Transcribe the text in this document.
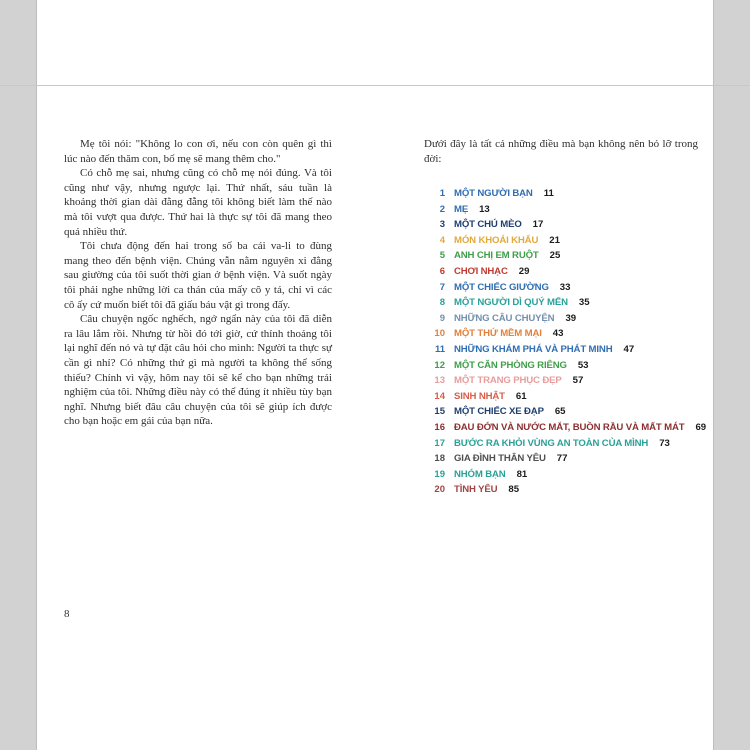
Mẹ tôi nói: "Không lo con ơi, nếu con còn quên gì thì lúc nào đến thăm con, bố mẹ sẽ mang thêm cho."

Có chỗ mẹ sai, nhưng cũng có chỗ mẹ nói đúng. Và tôi cũng như vậy, nhưng ngược lại. Thứ nhất, sáu tuần là khoảng thời gian dài đằng đẵng tôi không biết làm thế nào mà tôi vượt qua được. Thứ hai là thực sự tôi đã mang theo quá nhiều thứ.

Tôi chưa động đến hai trong số ba cái va-li to đùng mang theo đến bệnh viện. Chúng vẫn nằm nguyên xi đằng sau giường của tôi suốt thời gian ở bệnh viện. Và suốt ngày tôi phải nghe những lời ca thán của mấy cô y tá, chỉ vì các cô ấy cứ muốn biết tôi đã giấu báu vật gì trong đấy.

Câu chuyện ngốc nghếch, ngớ ngẩn này của tôi đã diễn ra lâu lắm rồi. Nhưng từ hồi đó tới giờ, cứ thỉnh thoảng tôi lại nghĩ đến nó và tự đặt câu hỏi cho mình: Người ta thực sự cần gì nhỉ? Có những thứ gì mà người ta không thể sống thiếu? Chính vì vậy, hôm nay tôi sẽ kể cho bạn những trải nghiệm của tôi. Những điều này có thể đúng ít nhiều tùy bạn nghĩ. Nhưng biết đâu câu chuyện của tôi sẽ giúp ích được cho bạn hoặc em gái của bạn nữa.

8

Dưới đây là tất cả những điều mà bạn không nên bỏ lỡ trong đời:

1 MỘT NGƯỜI BẠN 11
2 MẸ 13
3 MỘT CHÚ MÈO 17
4 MÓN KHOÁI KHẨU 21
5 ANH CHỊ EM RUỘT 25
6 CHƠI NHẠC 29
7 MỘT CHIẾC GIƯỜNG 33
8 MỘT NGƯỜI DÌ QUÝ MẾN 35
9 NHỮNG CÂU CHUYỆN 39
10 MỘT THỨ MỀM MẠI 43
11 NHỮNG KHÁM PHÁ VÀ PHÁT MINH 47
12 MỘT CĂN PHÒNG RIÊNG 53
13 MỘT TRANG PHỤC ĐẸP 57
14 SINH NHẬT 61
15 MỘT CHIẾC XE ĐẠP 65
16 ĐAU ĐỚN VÀ NƯỚC MẮT, BUỒN RẦU VÀ MẤT MÁT 69
17 BƯỚC RA KHỎI VÙNG AN TOÀN CỦA MÌNH 73
18 GIA ĐÌNH THÂN YÊU 77
19 NHÓM BẠN 81
20 TÌNH YÊU 85
